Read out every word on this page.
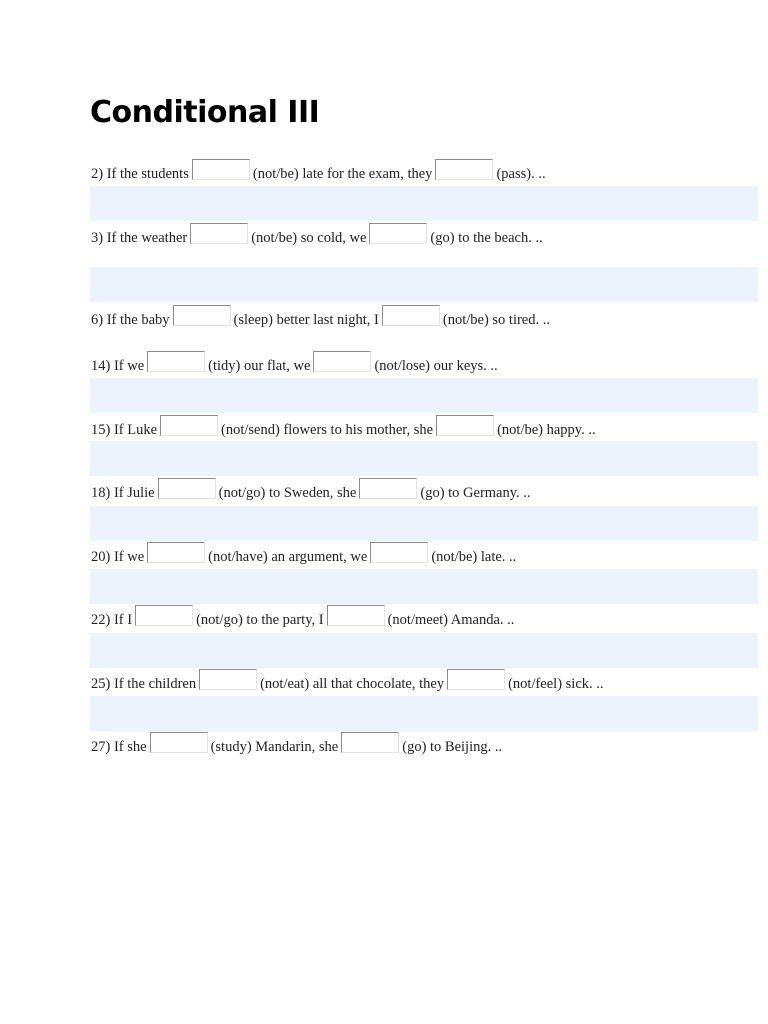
Conditional III
2) If the students	(not/be) late for the exam, they	(pass). ..
3) If the weather	(not/be) so cold, we	(go) to the beach. ..
6) If the baby	(sleep) better last night, I	(not/be) so tired. ..
14) If we	(tidy) our flat, we	(not/lose) our keys. ..
15) If Luke	(not/send) flowers to his mother, she	(not/be) happy. ..
18) If Julie	(not/go) to Sweden, she	(go) to Germany. ..
20) If we	(not/have) an argument, we	(not/be) late. ..
22) If I	(not/go) to the party, I	(not/meet) Amanda. ..
25) If the children	(not/eat) all that chocolate, they	(not/feel) sick. ..
27) If she	(study) Mandarin, she	(go) to Beijing. ..
